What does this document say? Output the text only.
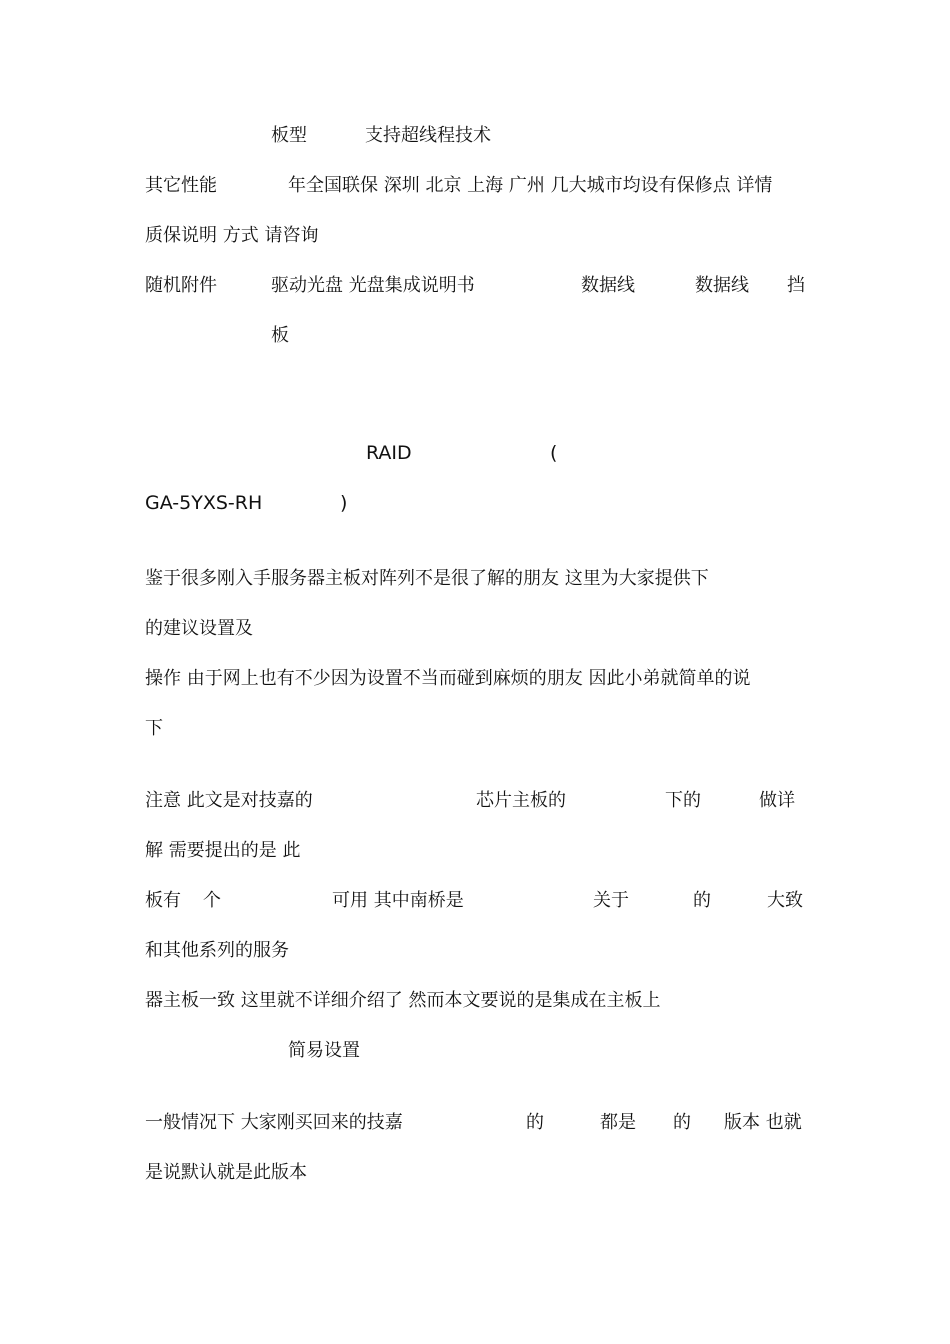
板型	支持超线程技术
其它性能	年全国联保 深圳 北京 上海 广州 几大城市均设有保修点 详情
质保说明 方式 请咨询
随机附件	驱动光盘 光盘集成说明书	数据线	数据线 挡
板
RAID	(
GA-5YXS-RH	)
鉴于很多刚入手服务器主板对阵列不是很了解的朋友 这里为大家提供下
的建议设置及
操作 由于网上也有不少因为设置不当而碰到麻烦的朋友 因此小弟就简单的说
下
注意 此文是对技嘉的	芯片主板的	下的	做详
解 需要提出的是 此
板有 个	可用 其中南桥是	关于	的	大致
和其他系列的服务
器主板一致 这里就不详细介绍了 然而本文要说的是集成在主板上
简易设置
一般情况下 大家刚买回来的技嘉	的	都是 的 版本 也就
是说默认就是此版本
